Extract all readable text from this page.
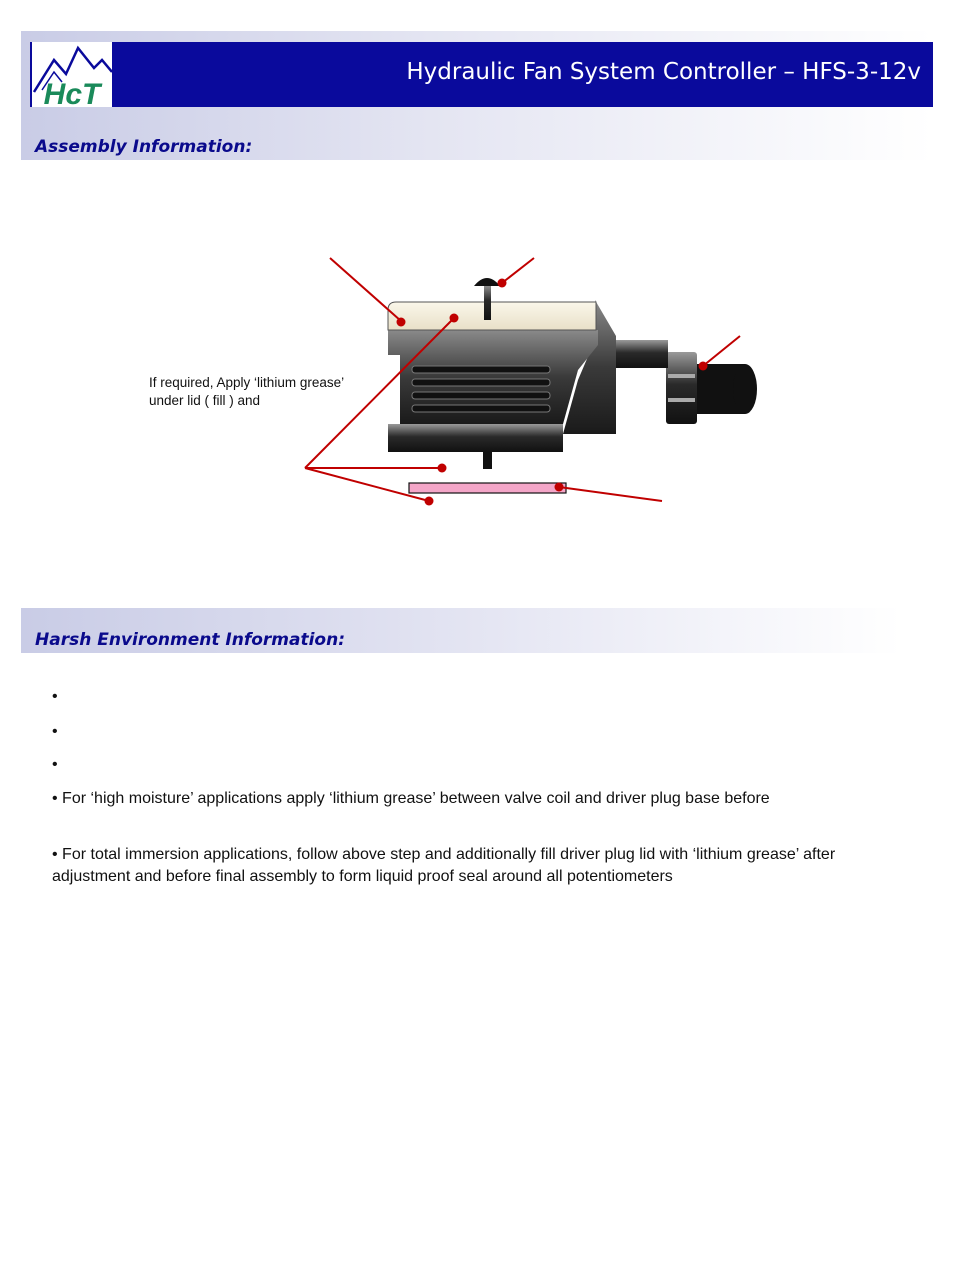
HcT
Hydraulic Fan System Controller – HFS-3-12v
Assembly Information:
If required, Apply ‘lithium grease’ under lid ( fill ) and
Harsh Environment Information:
•
•
•
• For ‘high moisture’ applications apply ‘lithium grease’ between valve coil and driver plug base before
• For total immersion applications, follow above step and additionally fill driver plug lid with ‘lithium grease’ after adjustment and before final assembly to form liquid proof seal around all potentiometers
